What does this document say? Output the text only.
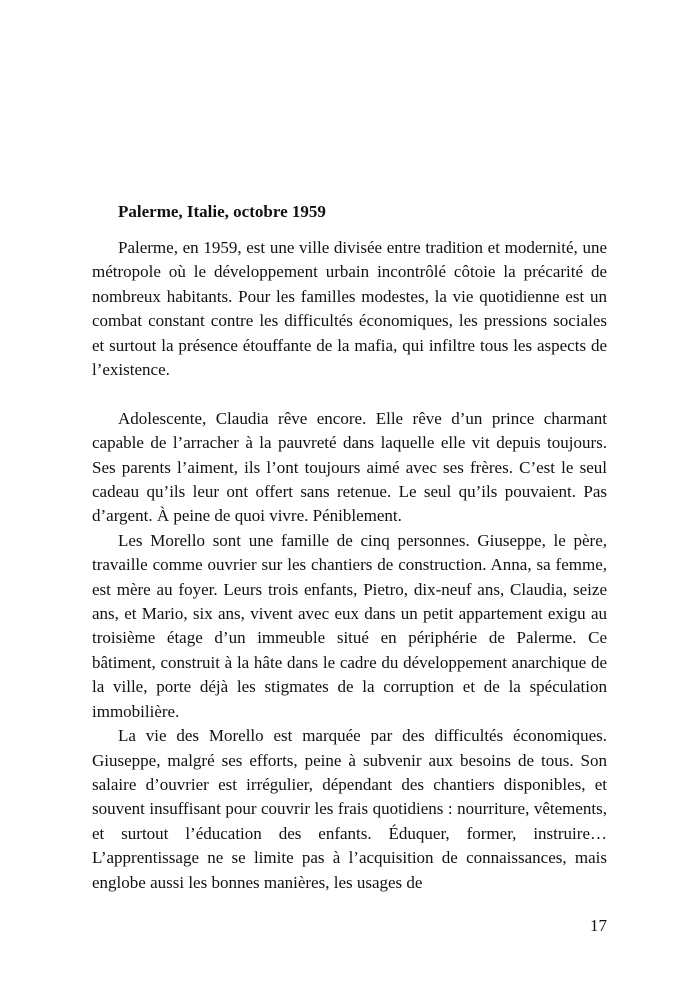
Palerme, Italie, octobre 1959

Palerme, en 1959, est une ville divisée entre tradition et modernité, une métropole où le développement urbain incontrôlé côtoie la précarité de nombreux habitants. Pour les familles modestes, la vie quotidienne est un combat constant contre les difficultés économiques, les pressions sociales et surtout la présence étouffante de la mafia, qui infiltre tous les aspects de l’existence.

Adolescente, Claudia rêve encore. Elle rêve d’un prince charmant capable de l’arracher à la pauvreté dans laquelle elle vit depuis toujours. Ses parents l’aiment, ils l’ont toujours aimé avec ses frères. C’est le seul cadeau qu’ils leur ont offert sans retenue. Le seul qu’ils pouvaient. Pas d’argent. À peine de quoi vivre. Péniblement.

Les Morello sont une famille de cinq personnes. Giuseppe, le père, travaille comme ouvrier sur les chantiers de construction. Anna, sa femme, est mère au foyer. Leurs trois enfants, Pietro, dix-neuf ans, Claudia, seize ans, et Mario, six ans, vivent avec eux dans un petit appartement exigu au troisième étage d’un immeuble situé en périphérie de Palerme. Ce bâtiment, construit à la hâte dans le cadre du développement anarchique de la ville, porte déjà les stigmates de la corruption et de la spéculation immobilière.

La vie des Morello est marquée par des difficultés économiques. Giuseppe, malgré ses efforts, peine à subvenir aux besoins de tous. Son salaire d’ouvrier est irrégulier, dépendant des chantiers disponibles, et souvent insuffisant pour couvrir les frais quotidiens : nourriture, vêtements, et surtout l’éducation des enfants. Éduquer, former, instruire… L’apprentissage ne se limite pas à l’acquisition de connaissances, mais englobe aussi les bonnes manières, les usages de

17
